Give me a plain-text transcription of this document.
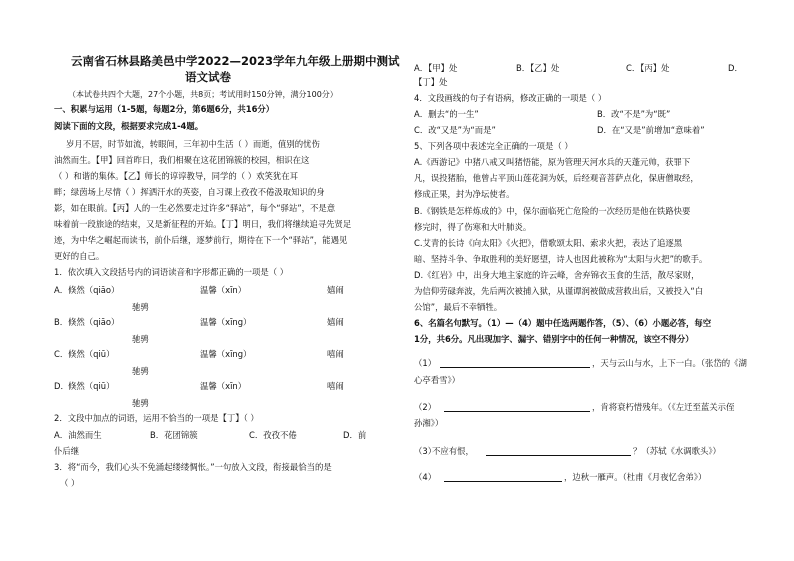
云南省石林县路美邑中学2022—2023学年九年级上册期中测试
语文试卷
（本试卷共四个大题，27个小题，共8页；考试用时150分钟，满分100分）
一、积累与运用（1-5题，每题2分，第6题6分，共16分）
阅读下面的文段，根据要求完成1-4题。
岁月不居，时节如流，转眼间，三年初中生活（ ）而逝，值别的忧伤
油然而生。【甲】回首昨日，我们相聚在这花团锦簇的校园，相识在这
（ ）和谐的集体。【乙】师长的谆谆教导，同学的（ ）欢笑犹在耳
畔；绿茵场上尽情（ ）挥洒汗水的英姿，自习课上孜孜不倦汲取知识的身
影，如在眼前。【丙】人的一生必然要走过许多“驿站”，每个“驿站”，不是意
味着前一段旅途的结束，又是新征程的开始。【丁】明日，我们将继续追寻先贤足
迹，为中华之崛起而读书，前仆后继，逐梦前行，期待在下一个“驿站”，能遇见
更好的自己。
1．依次填入文段括号内的词语读音和字形都正确的一项是（ ）
A． 倏然（qiāo）	温馨（xīn）	嬉闹
驰骋
B． 倏然（qiāo）	温馨（xīng）	嬉闹
驰骋
C． 倏然（qiū）	温馨（xīng）	嘻闹
驰骋
D． 倏然（qiū）	温馨（xīn）	嘻闹
驰骋
2．文段中加点的词语，运用不恰当的一项是【丁】（ ）
A．油然而生	B．花团锦簇	C．孜孜不倦	D．前
仆后继
3．将“而今，我们心头不免涌起缕缕惆怅。”一句放入文段，衔接最恰当的是
（ ）
A．【甲】处	B．【乙】处	C．【丙】处	D．
【丁】处
4．文段画线的句子有语病，修改正确的一项是（ ）
A．删去“的一生”	B．改“不是”为“既”
C．改“又是”为“而是”	D．在“又是”前增加“意味着”
5、下列各项中表述完全正确的一项是（ ）
A.《西游记》中猪八戒又叫猪悟能，原为管理天河水兵的天蓬元帅，获罪下
凡，误投猪胎，他曾占平顶山莲花洞为妖，后经观音菩萨点化，保唐僧取经，
修成正果，封为净坛使者。
B.《钢铁是怎样炼成的》中，保尔面临死亡危险的一次经历是他在铁路快要
修完时，得了伤寒和大叶肺炎。
C.艾青的长诗《向太阳》《火把》，借歌颂太阳、索求火把，表达了追逐黑
暗、坚持斗争、争取胜利的美好愿望，诗人也因此被称为“太阳与火把”的歌手。
D.《红岩》中，出身大地主家庭的许云峰，舍弃锦衣玉食的生活，散尽家财，
为信仰劳碌奔波，先后两次被捕入狱，从谨谭润被做成营救出后，又被投入“白
公馆”，最后不幸牺牲。
6、名篇名句默写。（1）—（4）题中任选两题作答，（5）、（6）小题必答，每空
1分，共6分。凡出现加字、漏字、错别字中的任何一种情况，该空不得分）
（1）	，天与云山与水，上下一白。（张岱的《湖
心亭看雪》）
（2）	，肯将衰朽惜残年。（《左迁至蓝关示侄
孙湘》）
（3）
不应有恨，	？（苏轼《水调歌头》）
（4）	，边秋一雁声。（杜甫《月夜忆舍弟》）
